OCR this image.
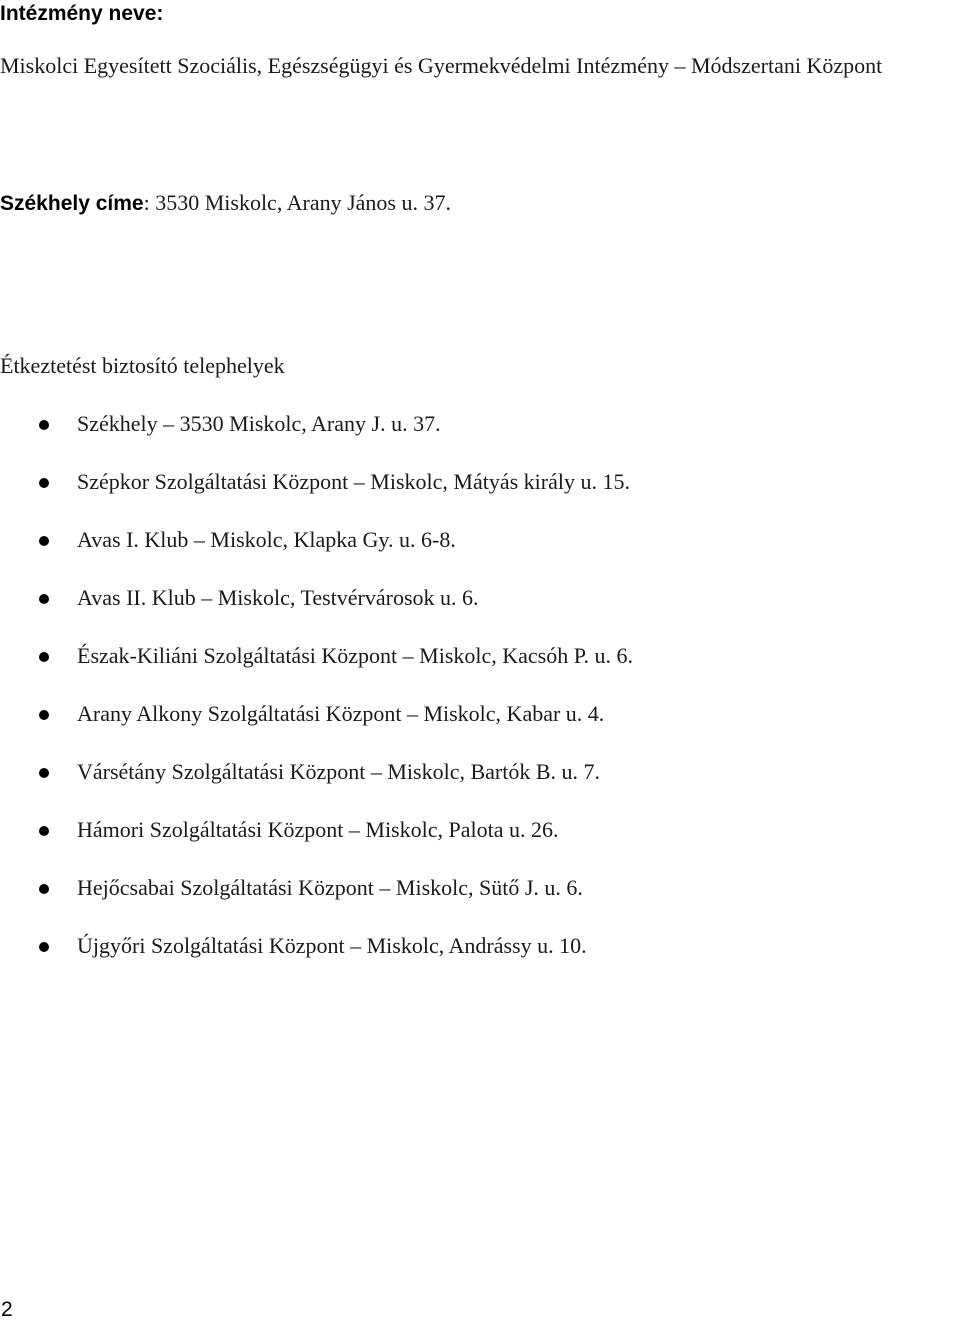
Intézmény neve:
Miskolci Egyesített Szociális, Egészségügyi és Gyermekvédelmi Intézmény – Módszertani Központ
Székhely címe: 3530 Miskolc, Arany János u. 37.
Étkeztetést biztosító telephelyek
Székhely – 3530 Miskolc, Arany J. u. 37.
Szépkor Szolgáltatási Központ – Miskolc, Mátyás király u. 15.
Avas I. Klub – Miskolc, Klapka Gy. u. 6-8.
Avas II. Klub – Miskolc, Testvérvárosok u. 6.
Észak-Kiliáni Szolgáltatási Központ – Miskolc, Kacsóh P. u. 6.
Arany Alkony Szolgáltatási Központ – Miskolc, Kabar u. 4.
Vársétány Szolgáltatási Központ – Miskolc, Bartók B. u. 7.
Hámori Szolgáltatási Központ – Miskolc, Palota u. 26.
Hejőcsabai Szolgáltatási Központ – Miskolc, Sütő J. u. 6.
Újgyőri Szolgáltatási Központ – Miskolc, Andrássy u. 10.
2
